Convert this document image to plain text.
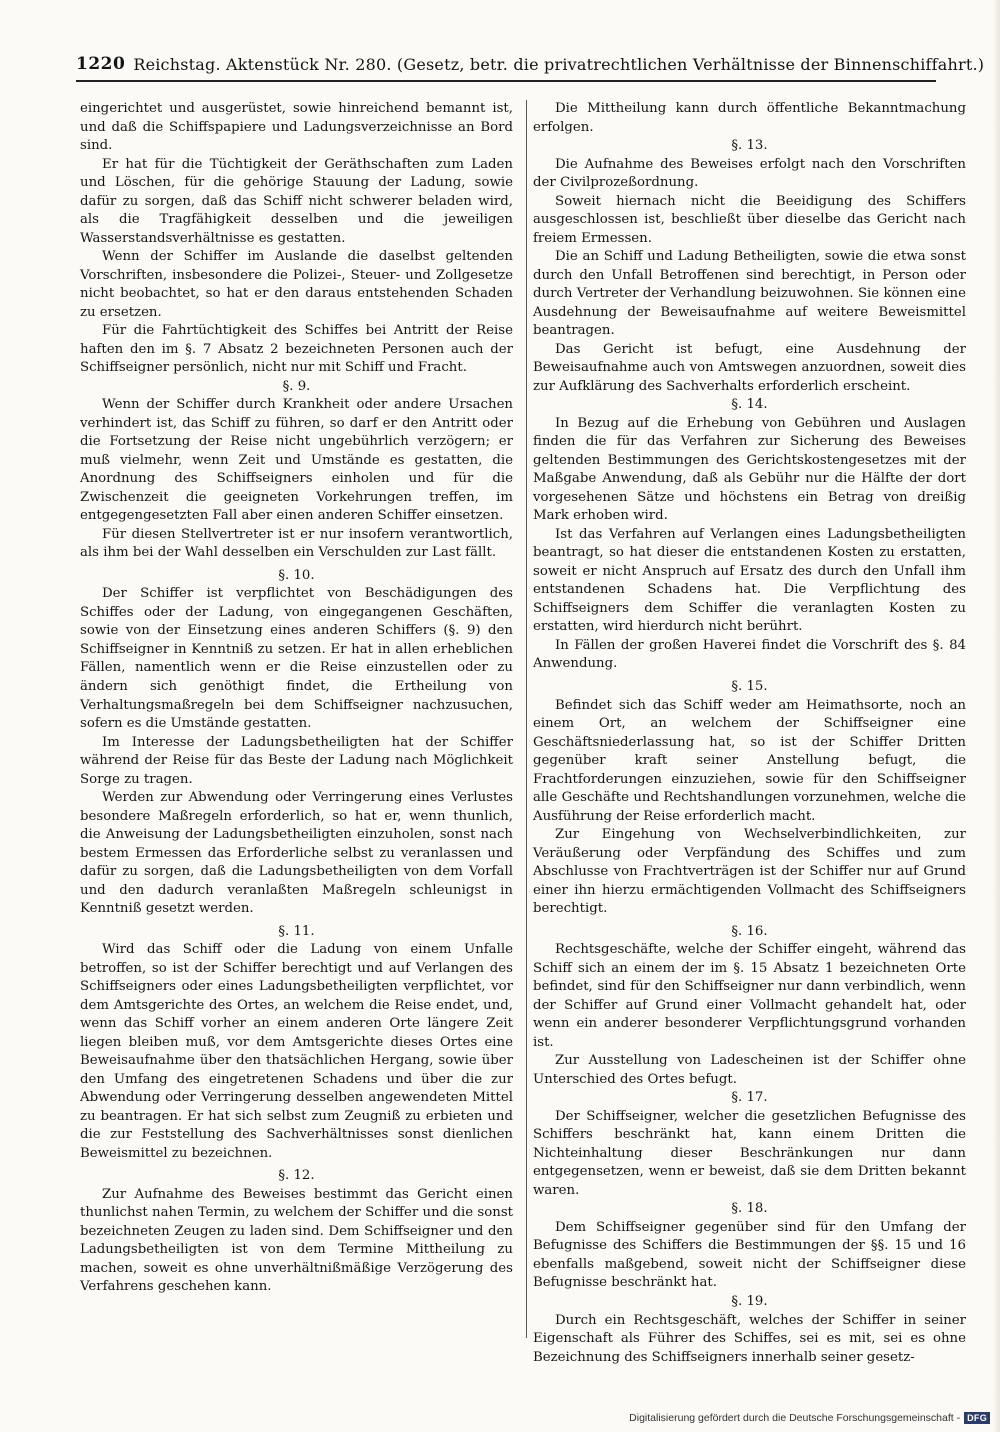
1220 Reichstag. Aktenstück Nr. 280. (Gesetz, betr. die privatrechtlichen Verhältnisse der Binnenschiffahrt.)

eingerichtet und ausgerüstet, sowie hinreichend bemannt ist, und daß die Schiffspapiere und Ladungsverzeichnisse an Bord sind.

Er hat für die Tüchtigkeit der Geräthschaften zum Laden und Löschen, für die gehörige Stauung der Ladung, sowie dafür zu sorgen, daß das Schiff nicht schwerer beladen wird, als die Tragfähigkeit desselben und die jeweiligen Wasserstandsverhältnisse es gestatten.

Wenn der Schiffer im Auslande die daselbst geltenden Vorschriften, insbesondere die Polizei-, Steuer- und Zollgesetze nicht beobachtet, so hat er den daraus entstehenden Schaden zu ersetzen.

Für die Fahrtüchtigkeit des Schiffes bei Antritt der Reise haften den im §. 7 Absatz 2 bezeichneten Personen auch der Schiffseigner persönlich, nicht nur mit Schiff und Fracht.

§. 9.

Wenn der Schiffer durch Krankheit oder andere Ursachen verhindert ist, das Schiff zu führen, so darf er den Antritt oder die Fortsetzung der Reise nicht ungebührlich verzögern; er muß vielmehr, wenn Zeit und Umstände es gestatten, die Anordnung des Schiffseigners einholen und für die Zwischenzeit die geeigneten Vorkehrungen treffen, im entgegengesetzten Fall aber einen anderen Schiffer einsetzen.

Für diesen Stellvertreter ist er nur insofern verantwortlich, als ihm bei der Wahl desselben ein Verschulden zur Last fällt.

§. 10.

Der Schiffer ist verpflichtet von Beschädigungen des Schiffes oder der Ladung, von eingegangenen Geschäften, sowie von der Einsetzung eines anderen Schiffers (§. 9) den Schiffseigner in Kenntniß zu setzen. Er hat in allen erheblichen Fällen, namentlich wenn er die Reise einzustellen oder zu ändern sich genöthigt findet, die Ertheilung von Verhaltungsmaßregeln bei dem Schiffseigner nachzusuchen, sofern es die Umstände gestatten.

Im Interesse der Ladungsbetheiligten hat der Schiffer während der Reise für das Beste der Ladung nach Möglichkeit Sorge zu tragen.

Werden zur Abwendung oder Verringerung eines Verlustes besondere Maßregeln erforderlich, so hat er, wenn thunlich, die Anweisung der Ladungsbetheiligten einzuholen, sonst nach bestem Ermessen das Erforderliche selbst zu veranlassen und dafür zu sorgen, daß die Ladungsbetheiligten von dem Vorfall und den dadurch veranlaßten Maßregeln schleunigst in Kenntniß gesetzt werden.

§. 11.

Wird das Schiff oder die Ladung von einem Unfalle betroffen, so ist der Schiffer berechtigt und auf Verlangen des Schiffseigners oder eines Ladungsbetheiligten verpflichtet, vor dem Amtsgerichte des Ortes, an welchem die Reise endet, und, wenn das Schiff vorher an einem anderen Orte längere Zeit liegen bleiben muß, vor dem Amtsgerichte dieses Ortes eine Beweisaufnahme über den thatsächlichen Hergang, sowie über den Umfang des eingetretenen Schadens und über die zur Abwendung oder Verringerung desselben angewendeten Mittel zu beantragen. Er hat sich selbst zum Zeugniß zu erbieten und die zur Feststellung des Sachverhältnisses sonst dienlichen Beweismittel zu bezeichnen.

§. 12.

Zur Aufnahme des Beweises bestimmt das Gericht einen thunlichst nahen Termin, zu welchem der Schiffer und die sonst bezeichneten Zeugen zu laden sind. Dem Schiffseigner und den Ladungsbetheiligten ist von dem Termine Mittheilung zu machen, soweit es ohne unverhältnißmäßige Verzögerung des Verfahrens geschehen kann.

Die Mittheilung kann durch öffentliche Bekanntmachung erfolgen.

§. 13.

Die Aufnahme des Beweises erfolgt nach den Vorschriften der Civilprozeßordnung.

Soweit hiernach nicht die Beeidigung des Schiffers ausgeschlossen ist, beschließt über dieselbe das Gericht nach freiem Ermessen.

Die an Schiff und Ladung Betheiligten, sowie die etwa sonst durch den Unfall Betroffenen sind berechtigt, in Person oder durch Vertreter der Verhandlung beizuwohnen. Sie können eine Ausdehnung der Beweisaufnahme auf weitere Beweismittel beantragen.

Das Gericht ist befugt, eine Ausdehnung der Beweisaufnahme auch von Amtswegen anzuordnen, soweit dies zur Aufklärung des Sachverhalts erforderlich erscheint.

§. 14.

In Bezug auf die Erhebung von Gebühren und Auslagen finden die für das Verfahren zur Sicherung des Beweises geltenden Bestimmungen des Gerichtskostengesetzes mit der Maßgabe Anwendung, daß als Gebühr nur die Hälfte der dort vorgesehenen Sätze und höchstens ein Betrag von dreißig Mark erhoben wird.

Ist das Verfahren auf Verlangen eines Ladungsbetheiligten beantragt, so hat dieser die entstandenen Kosten zu erstatten, soweit er nicht Anspruch auf Ersatz des durch den Unfall ihm entstandenen Schadens hat. Die Verpflichtung des Schiffseigners dem Schiffer die veranlagten Kosten zu erstatten, wird hierdurch nicht berührt.

In Fällen der großen Haverei findet die Vorschrift des §. 84 Anwendung.

§. 15.

Befindet sich das Schiff weder am Heimathsorte, noch an einem Ort, an welchem der Schiffseigner eine Geschäftsniederlassung hat, so ist der Schiffer Dritten gegenüber kraft seiner Anstellung befugt, die Frachtforderungen einzuziehen, sowie für den Schiffseigner alle Geschäfte und Rechtshandlungen vorzunehmen, welche die Ausführung der Reise erforderlich macht.

Zur Eingehung von Wechselverbindlichkeiten, zur Veräußerung oder Verpfändung des Schiffes und zum Abschlusse von Frachtverträgen ist der Schiffer nur auf Grund einer ihn hierzu ermächtigenden Vollmacht des Schiffseigners berechtigt.

§. 16.

Rechtsgeschäfte, welche der Schiffer eingeht, während das Schiff sich an einem der im §. 15 Absatz 1 bezeichneten Orte befindet, sind für den Schiffseigner nur dann verbindlich, wenn der Schiffer auf Grund einer Vollmacht gehandelt hat, oder wenn ein anderer besonderer Verpflichtungsgrund vorhanden ist.

Zur Ausstellung von Ladescheinen ist der Schiffer ohne Unterschied des Ortes befugt.

§. 17.

Der Schiffseigner, welcher die gesetzlichen Befugnisse des Schiffers beschränkt hat, kann einem Dritten die Nichteinhaltung dieser Beschränkungen nur dann entgegensetzen, wenn er beweist, daß sie dem Dritten bekannt waren.

§. 18.

Dem Schiffseigner gegenüber sind für den Umfang der Befugnisse des Schiffers die Bestimmungen der §§. 15 und 16 ebenfalls maßgebend, soweit nicht der Schiffseigner diese Befugnisse beschränkt hat.

§. 19.

Durch ein Rechtsgeschäft, welches der Schiffer in seiner Eigenschaft als Führer des Schiffes, sei es mit, sei es ohne Bezeichnung des Schiffseigners innerhalb seiner gesetz-

Digitalisierung gefördert durch die Deutsche Forschungsgemeinschaft - DFG
